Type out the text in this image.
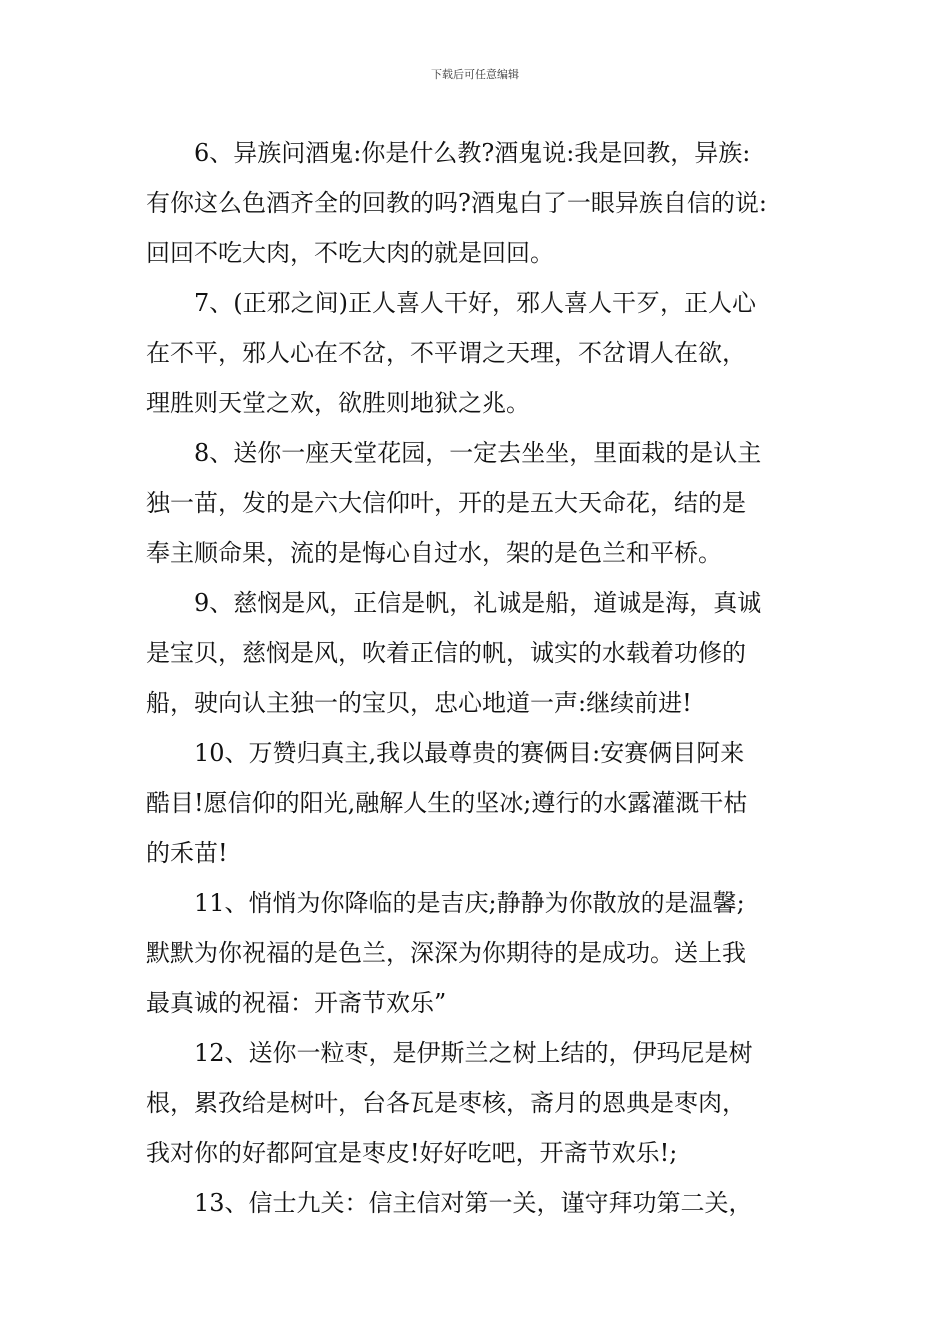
下载后可任意编辑

6、异族问酒鬼:你是什么教?酒鬼说:我是回教，异族:
有你这么色酒齐全的回教的吗?酒鬼白了一眼异族自信的说:
回回不吃大肉，不吃大肉的就是回回。

7、(正邪之间)正人喜人干好，邪人喜人干歹，正人心
在不平，邪人心在不岔，不平谓之天理，不岔谓人在欲，
理胜则天堂之欢，欲胜则地狱之兆。

8、送你一座天堂花园，一定去坐坐，里面栽的是认主
独一苗，发的是六大信仰叶，开的是五大天命花，结的是
奉主顺命果，流的是悔心自过水，架的是色兰和平桥。

9、慈悯是风，正信是帆，礼诚是船，道诚是海，真诚
是宝贝，慈悯是风，吹着正信的帆，诚实的水载着功修的
船，驶向认主独一的宝贝，忠心地道一声:继续前进!

10、万赞归真主,我以最尊贵的赛俩目:安赛俩目阿来
酷目!愿信仰的阳光,融解人生的坚冰;遵行的水露灌溉干枯
的禾苗!

11、悄悄为你降临的是吉庆;静静为你散放的是温馨;
默默为你祝福的是色兰，深深为你期待的是成功。送上我
最真诚的祝福：开斋节欢乐”

12、送你一粒枣，是伊斯兰之树上结的，伊玛尼是树
根，累孜给是树叶，台各瓦是枣核，斋月的恩典是枣肉，
我对你的好都阿宜是枣皮!好好吃吧，开斋节欢乐!;

13、信士九关：信主信对第一关，谨守拜功第二关，
